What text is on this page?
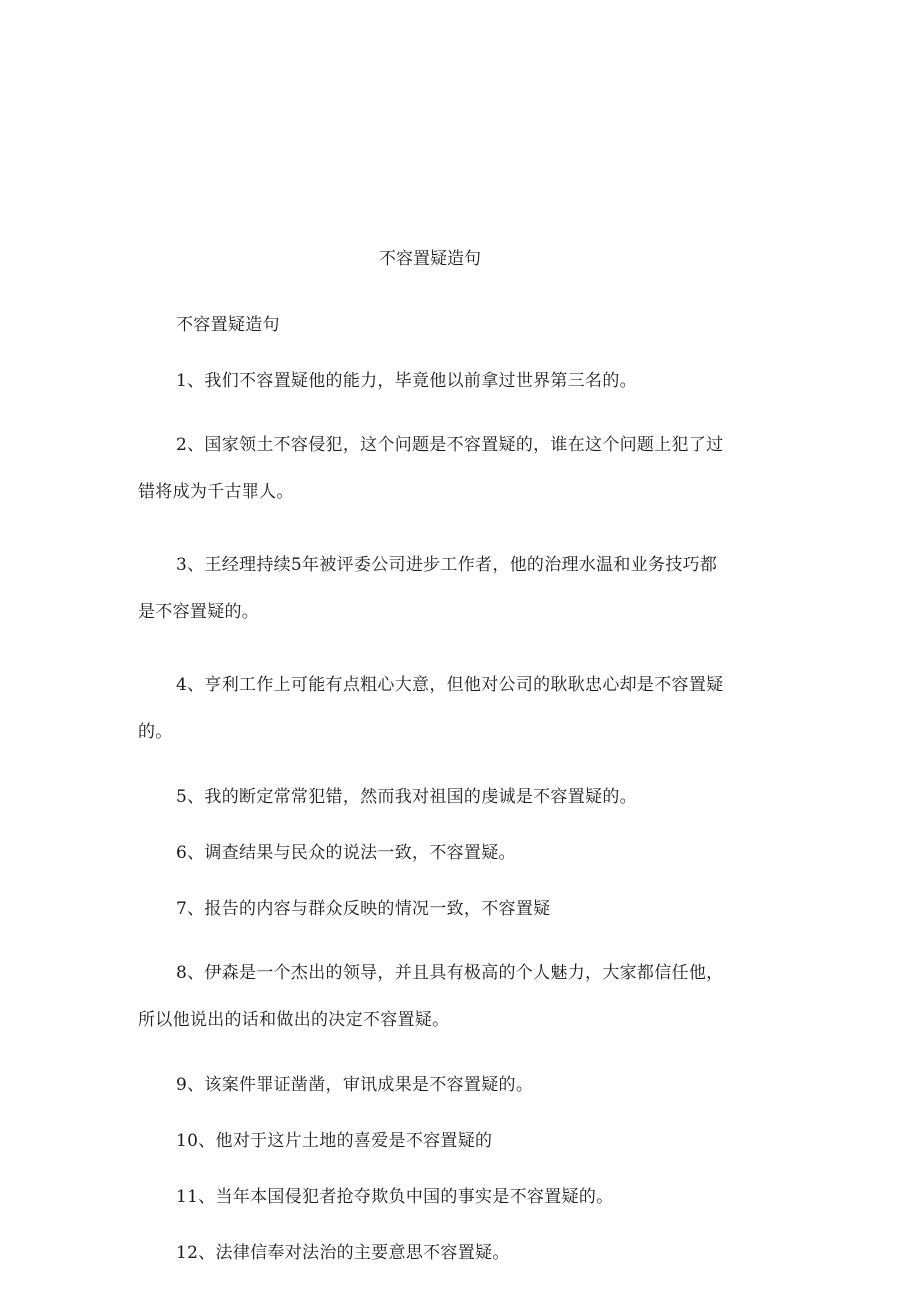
不容置疑造句

不容置疑造句

1、我们不容置疑他的能力，毕竟他以前拿过世界第三名的。

2、国家领土不容侵犯，这个问题是不容置疑的，谁在这个问题上犯了过错将成为千古罪人。

3、王经理持续5年被评委公司进步工作者，他的治理水温和业务技巧都是不容置疑的。

4、亨利工作上可能有点粗心大意，但他对公司的耿耿忠心却是不容置疑的。

5、我的断定常常犯错，然而我对祖国的虔诚是不容置疑的。

6、调查结果与民众的说法一致，不容置疑。

7、报告的内容与群众反映的情况一致，不容置疑

8、伊森是一个杰出的领导，并且具有极高的个人魅力，大家都信任他，所以他说出的话和做出的决定不容置疑。

9、该案件罪证凿凿，审讯成果是不容置疑的。

10、他对于这片土地的喜爱是不容置疑的

11、当年本国侵犯者抢夺欺负中国的事实是不容置疑的。

12、法律信奉对法治的主要意思不容置疑。
